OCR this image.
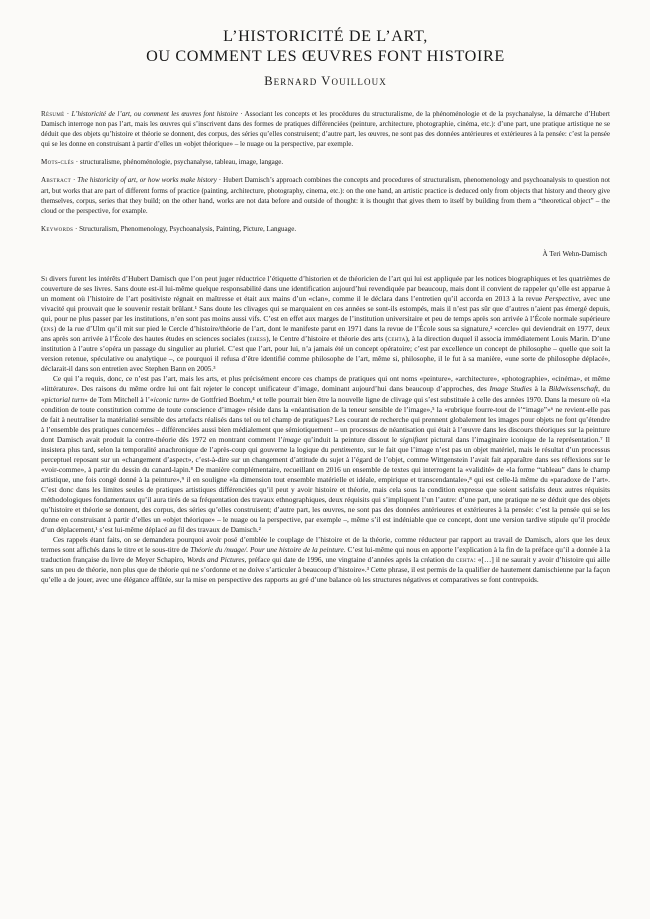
L’HISTORICITÉ DE L’ART,
OU COMMENT LES ŒUVRES FONT HISTOIRE
Bernard Vouilloux

Résumé · L’historicité de l’art, ou comment les œuvres font histoire · Associant les concepts et les procédures du structuralisme, de la phénoménologie et de la psychanalyse, la démarche d’Hubert Damisch interroge non pas l’art, mais les œuvres qui s’inscrivent dans des formes de pratiques différenciées (peinture, architecture, photographie, cinéma, etc.): d’une part, une pratique artistique ne se déduit que des objets qu’histoire et théorie se donnent, des corpus, des séries qu’elles construisent; d’autre part, les œuvres, ne sont pas des données antérieures et extérieures à la pensée: c’est la pensée qui se les donne en construisant à partir d’elles un «objet théorique» – le nuage ou la perspective, par exemple.

Mots-clés · structuralisme, phénoménologie, psychanalyse, tableau, image, langage.

Abstract · The historicity of art, or how works make history · Hubert Damisch’s approach combines the concepts and procedures of structuralism, phenomenology and psychoanalysis to question not art, but works that are part of different forms of practice (painting, architecture, photography, cinema, etc.): on the one hand, an artistic practice is deduced only from objects that history and theory give themselves, corpus, series that they build; on the other hand, works are not data before and outside of thought: it is thought that gives them to itself by building from them a “theoretical object” – the cloud or the perspective, for example.

Keywords · Structuralism, Phenomenology, Psychoanalysis, Painting, Picture, Language.

À Teri Wehn-Damisch

Si divers furent les intérêts d’Hubert Damisch que l’on peut juger réductrice l’étiquette d’historien et de théoricien de l’art qui lui est appliquée par les notices biographiques et les quatrièmes de couverture de ses livres. Sans doute est-il lui-même quelque responsabilité dans une identification aujourd’hui revendiquée par beaucoup, mais dont il convient de rappeler qu’elle est apparue à un moment où l’histoire de l’art positiviste régnait en maîtresse et était aux mains d’un «clan», comme il le déclara dans l’entretien qu’il accorda en 2013 à la revue Perspective, avec une vivacité qui prouvait que le souvenir restait brûlant.¹ Sans doute les clivages qui se marquaient en ces années se sont-ils estompés, mais il n’est pas sûr que d’autres n’aient pas émergé depuis, qui, pour ne plus passer par les institutions, n’en sont pas moins aussi vifs. C’est en effet aux marges de l’institution universitaire et peu de temps après son arrivée à l’École normale supérieure (ens) de la rue d’Ulm qu’il mit sur pied le Cercle d’histoire/théorie de l’art, dont le manifeste parut en 1971 dans la revue de l’École sous sa signature,² «cercle» qui deviendrait en 1977, deux ans après son arrivée à l’École des hautes études en sciences sociales (ehess), le Centre d’histoire et théorie des arts (cehta), à la direction duquel il associa immédiatement Louis Marin. D’une institution à l’autre s’opéra un passage du singulier au pluriel. C’est que l’art, pour lui, n’a jamais été un concept opératoire; c’est par excellence un concept de philosophe – quelle que soit la version retenue, spéculative ou analytique –, ce pourquoi il refusa d’être identifié comme philosophe de l’art, même si, philosophe, il le fut à sa manière, «une sorte de philosophe déplacé», déclarait-il dans son entretien avec Stephen Bann en 2005.³

Ce qui l’a requis, donc, ce n’est pas l’art, mais les arts, et plus précisément encore ces champs de pratiques qui ont noms «peinture», «architecture», «photographie», «cinéma», et même «littérature». Des raisons du même ordre lui ont fait rejeter le concept unificateur d’image, dominant aujourd’hui dans beaucoup d’approches, des Image Studies à la Bildwissenschaft, du «pictorial turn» de Tom Mitchell à l’«iconic turn» de Gottfried Boehm,⁴ et telle pourrait bien être la nouvelle ligne de clivage qui s’est substituée à celle des années 1970. Dans la mesure où «la condition de toute constitution comme de toute conscience d’image» réside dans la «néantisation de la teneur sensible de l’image»,⁵ la «rubrique fourre-tout de l’“image”»⁶ ne revient-elle pas de fait à neutraliser la matérialité sensible des artefacts réalisés dans tel ou tel champ de pratiques? Les courant de recherche qui prennent globalement les images pour objets ne font qu’étendre à l’ensemble des pratiques concernées – différenciées aussi bien médialement que sémiotiquement – un processus de néantisation qui était à l’œuvre dans les discours théoriques sur la peinture dont Damisch avait produit la contre-théorie dès 1972 en montrant comment l’image qu’induit la peinture dissout le signifiant pictural dans l’imaginaire iconique de la représentation.⁷ Il insistera plus tard, selon la temporalité anachronique de l’après-coup qui gouverne la logique du pentimento, sur le fait que l’image n’est pas un objet matériel, mais le résultat d’un processus perceptuel reposant sur un «changement d’aspect», c’est-à-dire sur un changement d’attitude du sujet à l’égard de l’objet, comme Wittgenstein l’avait fait apparaître dans ses réflexions sur le «voir-comme», à partir du dessin du canard-lapin.⁸ De manière complémentaire, recueillant en 2016 un ensemble de textes qui interrogent la «validité» de «la forme “tableau” dans le champ artistique, une fois congé donné à la peinture»,⁹ il en souligne «la dimension tout ensemble matérielle et idéale, empirique et transcendantale»,⁸ qui est celle-là même du «paradoxe de l’art». C’est donc dans les limites seules de pratiques artistiques différenciées qu’il peut y avoir histoire et théorie, mais cela sous la condition expresse que soient satisfaits deux autres réquisits méthodologiques fondamentaux qu’il aura tirés de sa fréquentation des travaux ethnographiques, deux réquisits qui s’impliquent l’un l’autre: d’une part, une pratique ne se déduit que des objets qu’histoire et théorie se donnent, des corpus, des séries qu’elles construisent; d’autre part, les œuvres, ne sont pas des données antérieures et extérieures à la pensée: c’est la pensée qui se les donne en construisant à partir d’elles un «objet théorique» – le nuage ou la perspective, par exemple –, même s’il est indéniable que ce concept, dont une version tardive stipule qu’il procède d’un déplacement,¹ s’est lui-même déplacé au fil des travaux de Damisch.²

Ces rappels étant faits, on se demandera pourquoi avoir posé d’emblée le couplage de l’histoire et de la théorie, comme réducteur par rapport au travail de Damisch, alors que les deux termes sont affichés dans le titre et le sous-titre de Théorie du /nuage/. Pour une histoire de la peinture. C’est lui-même qui nous en apporte l’explication à la fin de la préface qu’il a donnée à la traduction française du livre de Meyer Schapiro, Words and Pictures, préface qui date de 1996, une vingtaine d’années après la création du cehta: «[…] il ne saurait y avoir d’histoire qui aille sans un peu de théorie, non plus que de théorie qui ne s’ordonne et ne doive s’articuler à beaucoup d’histoire».³ Cette phrase, il est permis de la qualifier de hautement damischienne par la façon qu’elle a de jouer, avec une élégance affûtée, sur la mise en perspective des rapports au gré d’une balance où les structures négatives et comparatives se font contrepoids.
